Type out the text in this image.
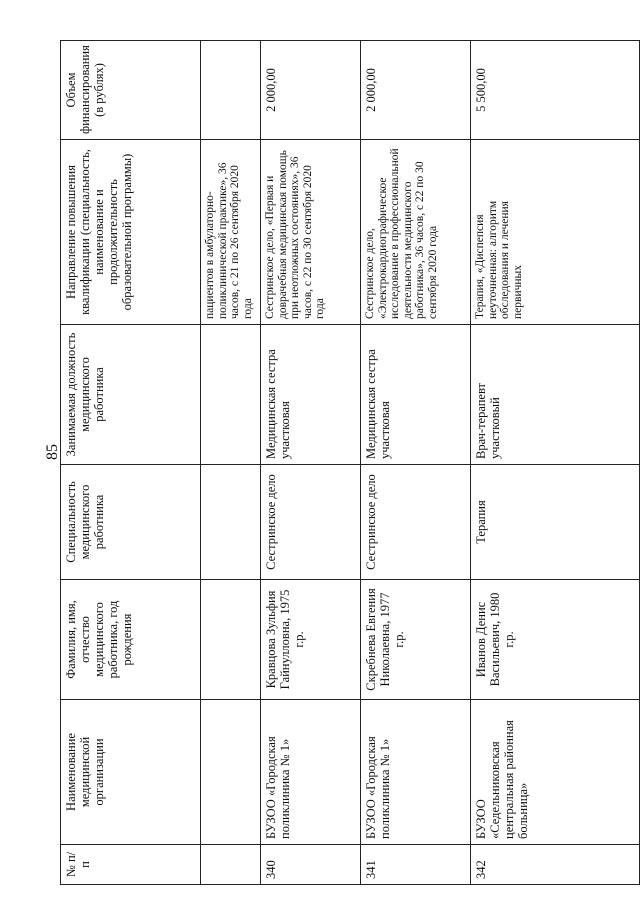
85
№ п/п
Наименование медицинской организации
Фамилия, имя, отчество медицинского работника, год рождения
Специальность медицинского работника
Занимаемая должность медицинского работника
Направление повышения квалификации (специальность, наименование и продолжительность образовательной программы)
Объем финансирования (в рублях)
пациентов в амбулаторно-поликлинической практике», 36 часов, с 21 по 26 сентября 2020 года
340
БУЗОО «Городская поликлиника № 1»
Кравцова Зульфия Гайнулловна, 1975 г.р.
Сестринское дело
Медицинская сестра участковая
Сестринское дело, «Первая и доврачебная медицинская помощь при неотложных состояниях», 36 часов, с 22 по 30 сентября 2020 года
2 000,00
341
БУЗОО «Городская поликлиника № 1»
Скребнева Евгения Николаевна, 1977 г.р.
Сестринское дело
Медицинская сестра участковая
Сестринское дело, «Электрокардиографическое исследование в профессиональной деятельности медицинского работника», 36 часов, с 22 по 30 сентября 2020 года
2 000,00
342
БУЗОО «Седельниковская центральная районная больница»
Иванов Денис Васильевич, 1980 г.р.
Терапия
Врач-терапевт участковый
Терапия, «Диспепсия неуточненная: алгоритм обследования и лечения первичных
5 500,00
